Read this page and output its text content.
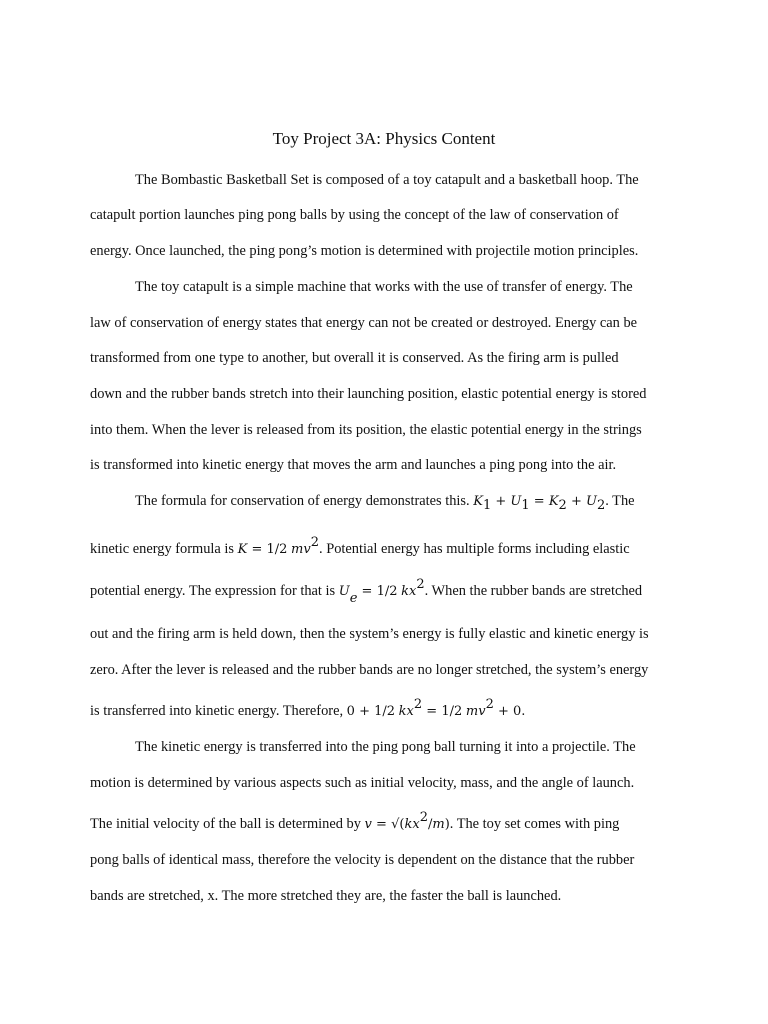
Toy Project 3A: Physics Content
The Bombastic Basketball Set is composed of a toy catapult and a basketball hoop. The
catapult portion launches ping pong balls by using the concept of the law of conservation of
energy. Once launched, the ping pong’s motion is determined with projectile motion principles.
The toy catapult is a simple machine that works with the use of transfer of energy. The
law of conservation of energy states that energy can not be created or destroyed. Energy can be
transformed from one type to another, but overall it is conserved. As the firing arm is pulled
down and the rubber bands stretch into their launching position, elastic potential energy is stored
into them. When the lever is released from its position, the elastic potential energy in the strings
is transformed into kinetic energy that moves the arm and launches a ping pong into the air.
The formula for conservation of energy demonstrates this. $K_1 + U_1 = K_2 + U_2$. The
kinetic energy formula is K = 1/2 $mv^2$. Potential energy has multiple forms including elastic
potential energy. The expression for that is $U_e = 1/2$ $kx^2$. When the rubber bands are stretched
out and the firing arm is held down, then the system’s energy is fully elastic and kinetic energy is
zero. After the lever is released and the rubber bands are no longer stretched, the system’s energy
is transferred into kinetic energy. Therefore, 0 + 1/2 $kx^2 = 1/2$ $mv^2 + 0$.
The kinetic energy is transferred into the ping pong ball turning it into a projectile. The
motion is determined by various aspects such as initial velocity, mass, and the angle of launch.
The initial velocity of the ball is determined by $v = √(kx^2/m)$. The toy set comes with ping
pong balls of identical mass, therefore the velocity is dependent on the distance that the rubber
bands are stretched, x. The more stretched they are, the faster the ball is launched.
